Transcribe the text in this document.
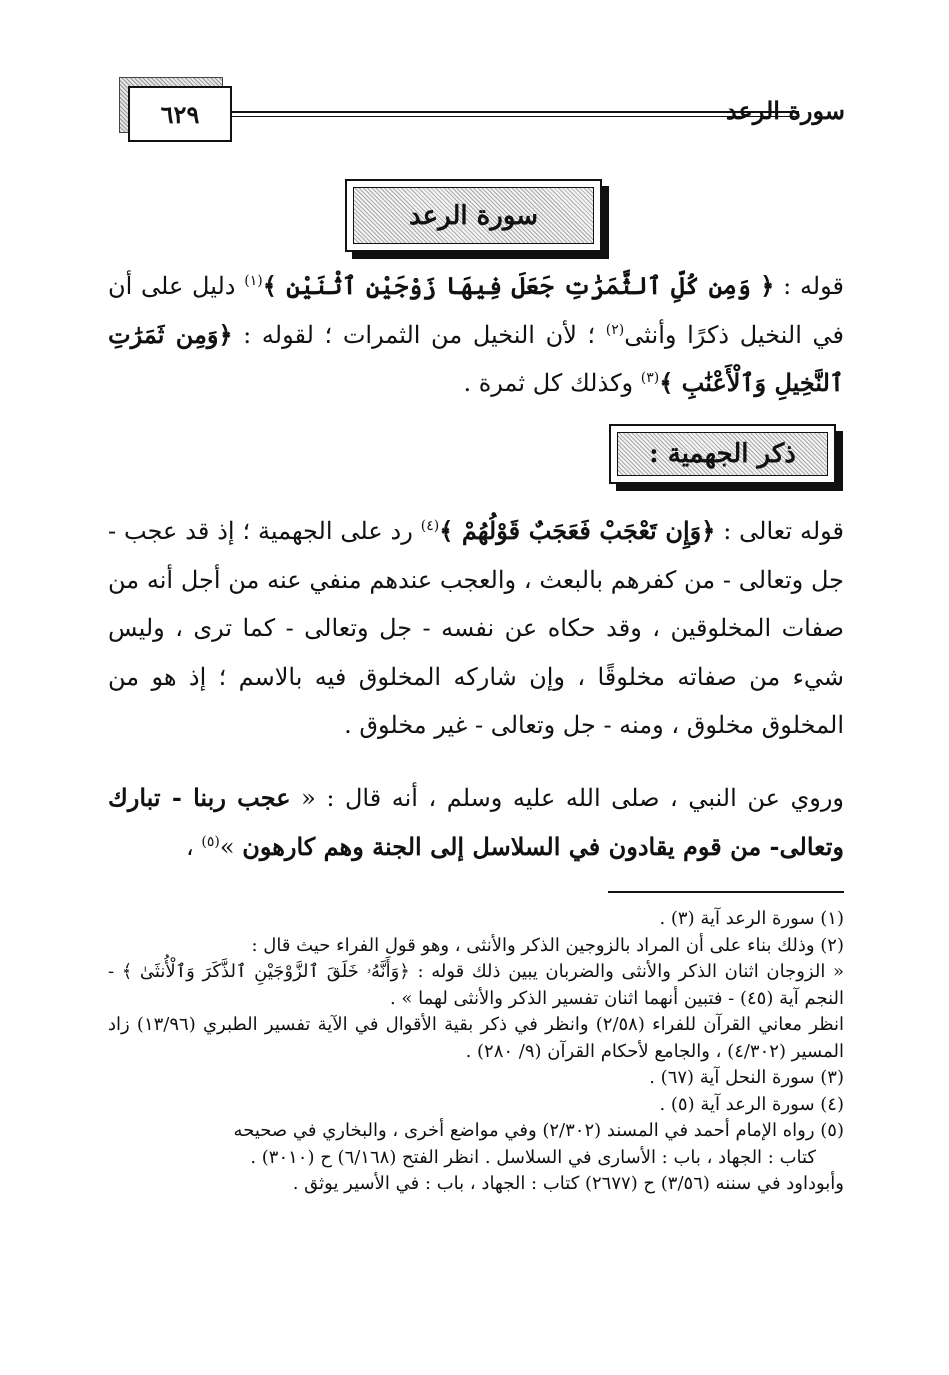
٦٢٩	سورة الرعد
سورة الرعد
قوله : ﴿ وَمِن كُلِّ ٱلثَّمَرَٰتِ جَعَلَ فِيهَا زَوْجَيْنِ ٱثْنَيْنِ ﴾$^{(١)}$ دليل على أن في النخيل ذكرًا وأنثى$^{(٢)}$ ؛ لأن النخيل من الثمرات ؛ لقوله : ﴿وَمِن ثَمَرَٰتِ ٱلنَّخِيلِ وَٱلْأَعْنَٰبِ ﴾$^{(٣)}$ وكذلك كل ثمرة .
ذكر الجهمية :
قوله تعالى : ﴿وَإِن تَعْجَبْ فَعَجَبٌ قَوْلُهُمْ ﴾$^{(٤)}$ رد على الجهمية ؛ إذ قد عجب - جل وتعالى - من كفرهم بالبعث ، والعجب عندهم منفي عنه من أجل أنه من صفات المخلوقين ، وقد حكاه عن نفسه - جل وتعالى - كما ترى ، وليس شيء من صفاته مخلوقًا ، وإن شاركه المخلوق فيه بالاسم ؛ إذ هو من المخلوق مخلوق ، ومنه - جل وتعالى - غير مخلوق .
وروي عن النبي ، صلى الله عليه وسلم ، أنه قال : « عجب ربنا - تبارك وتعالى- من قوم يقادون في السلاسل إلى الجنة وهم كارهون »$^{(٥)}$ ،

(١) سورة الرعد آية (٣) .

(٢) وذلك بناء على أن المراد بالزوجين الذكر والأنثى ، وهو قول الفراء حيث قال :

« الزوجان اثنان الذكر والأنثى والضربان يبين ذلك قوله : ﴿وَأَنَّهُۥ خَلَقَ ٱلزَّوْجَيْنِ ٱلذَّكَرَ وَٱلْأُنثَىٰ ﴾ - النجم آية (٤٥) - فتبين أنهما اثنان تفسير الذكر والأنثى لهما » .

انظر معاني القرآن للفراء (٢/٥٨) وانظر في ذكر بقية الأقوال في الآية تفسير الطبري (١٣/٩٦) زاد المسير (٤/٣٠٢) ، والجامع لأحكام القرآن (٩/ ٢٨٠) .

(٣) سورة النحل آية (٦٧) .

(٤) سورة الرعد آية (٥) .

(٥) رواه الإمام أحمد في المسند (٢/٣٠٢) وفي مواضع أخرى ، والبخاري في صحيحه

كتاب : الجهاد ، باب : الأسارى في السلاسل . انظر الفتح (٦/١٦٨) ح (٣٠١٠) .

وأبوداود في سننه (٣/٥٦) ح (٢٦٧٧) كتاب : الجهاد ، باب : في الأسير يوثق .
